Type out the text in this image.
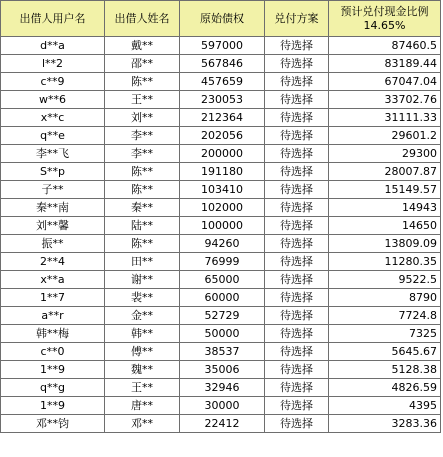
出借人用户名	出借人姓名	原始债权	兑付方案	预计兑付现金比例
14.65%

d**a	戴**	597000	待选择	87460.5
l**2	邵**	567846	待选择	83189.44
c**9	陈**	457659	待选择	67047.04
w**6	王**	230053	待选择	33702.76
x**c	刘**	212364	待选择	31111.33
q**e	李**	202056	待选择	29601.2
李**飞	李**	200000	待选择	29300
S**p	陈**	191180	待选择	28007.87
子**	陈**	103410	待选择	15149.57
秦**南	秦**	102000	待选择	14943
刘**馨	陆**	100000	待选择	14650
振**	陈**	94260	待选择	13809.09
2**4	田**	76999	待选择	11280.35
x**a	谢**	65000	待选择	9522.5
1**7	裴**	60000	待选择	8790
a**r	金**	52729	待选择	7724.8
韩**梅	韩**	50000	待选择	7325
c**0	傅**	38537	待选择	5645.67
1**9	魏**	35006	待选择	5128.38
q**g	王**	32946	待选择	4826.59
1**9	唐**	30000	待选择	4395
邓**钧	邓**	22412	待选择	3283.36
